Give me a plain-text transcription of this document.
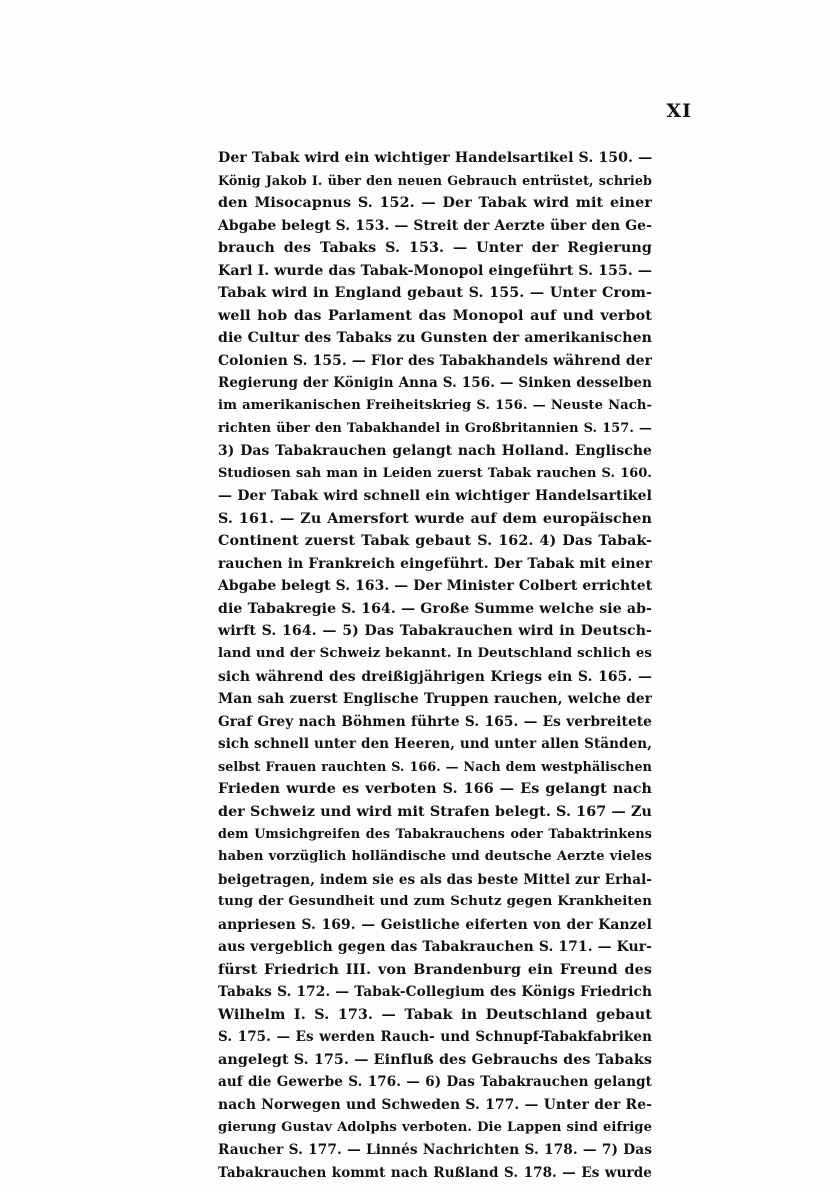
XI
Der Tabak wird ein wichtiger Handelsartikel S. 150. —
König Jakob I. über den neuen Gebrauch entrüstet, schrieb
den Misocapnus S. 152. — Der Tabak wird mit einer
Abgabe belegt S. 153. — Streit der Aerzte über den Ge-
brauch des Tabaks S. 153. — Unter der Regierung
Karl I. wurde das Tabak-Monopol eingeführt S. 155. —
Tabak wird in England gebaut S. 155. — Unter Crom-
well hob das Parlament das Monopol auf und verbot
die Cultur des Tabaks zu Gunsten der amerikanischen
Colonien S. 155. — Flor des Tabakhandels während der
Regierung der Königin Anna S. 156. — Sinken desselben
im amerikanischen Freiheitskrieg S. 156. — Neuste Nach-
richten über den Tabakhandel in Großbritannien S. 157. —
3) Das Tabakrauchen gelangt nach Holland. Englische
Studiosen sah man in Leiden zuerst Tabak rauchen S. 160.
— Der Tabak wird schnell ein wichtiger Handelsartikel
S. 161. — Zu Amersfort wurde auf dem europäischen
Continent zuerst Tabak gebaut S. 162. 4) Das Tabak-
rauchen in Frankreich eingeführt. Der Tabak mit einer
Abgabe belegt S. 163. — Der Minister Colbert errichtet
die Tabakregie S. 164. — Große Summe welche sie ab-
wirft S. 164. — 5) Das Tabakrauchen wird in Deutsch-
land und der Schweiz bekannt. In Deutschland schlich es
sich während des dreißigjährigen Kriegs ein S. 165. —
Man sah zuerst Englische Truppen rauchen, welche der
Graf Grey nach Böhmen führte S. 165. — Es verbreitete
sich schnell unter den Heeren, und unter allen Ständen,
selbst Frauen rauchten S. 166. — Nach dem westphälischen
Frieden wurde es verboten S. 166 — Es gelangt nach
der Schweiz und wird mit Strafen belegt. S. 167 — Zu
dem Umsichgreifen des Tabakrauchens oder Tabaktrinkens
haben vorzüglich holländische und deutsche Aerzte vieles
beigetragen, indem sie es als das beste Mittel zur Erhal-
tung der Gesundheit und zum Schutz gegen Krankheiten
anpriesen S. 169. — Geistliche eiferten von der Kanzel
aus vergeblich gegen das Tabakrauchen S. 171. — Kur-
fürst Friedrich III. von Brandenburg ein Freund des
Tabaks S. 172. — Tabak-Collegium des Königs Friedrich
Wilhelm I. S. 173. — Tabak in Deutschland gebaut
S. 175. — Es werden Rauch- und Schnupf-Tabakfabriken
angelegt S. 175. — Einfluß des Gebrauchs des Tabaks
auf die Gewerbe S. 176. — 6) Das Tabakrauchen gelangt
nach Norwegen und Schweden S. 177. — Unter der Re-
gierung Gustav Adolphs verboten. Die Lappen sind eifrige
Raucher S. 177. — Linnés Nachrichten S. 178. — 7) Das
Tabakrauchen kommt nach Rußland S. 178. — Es wurde
